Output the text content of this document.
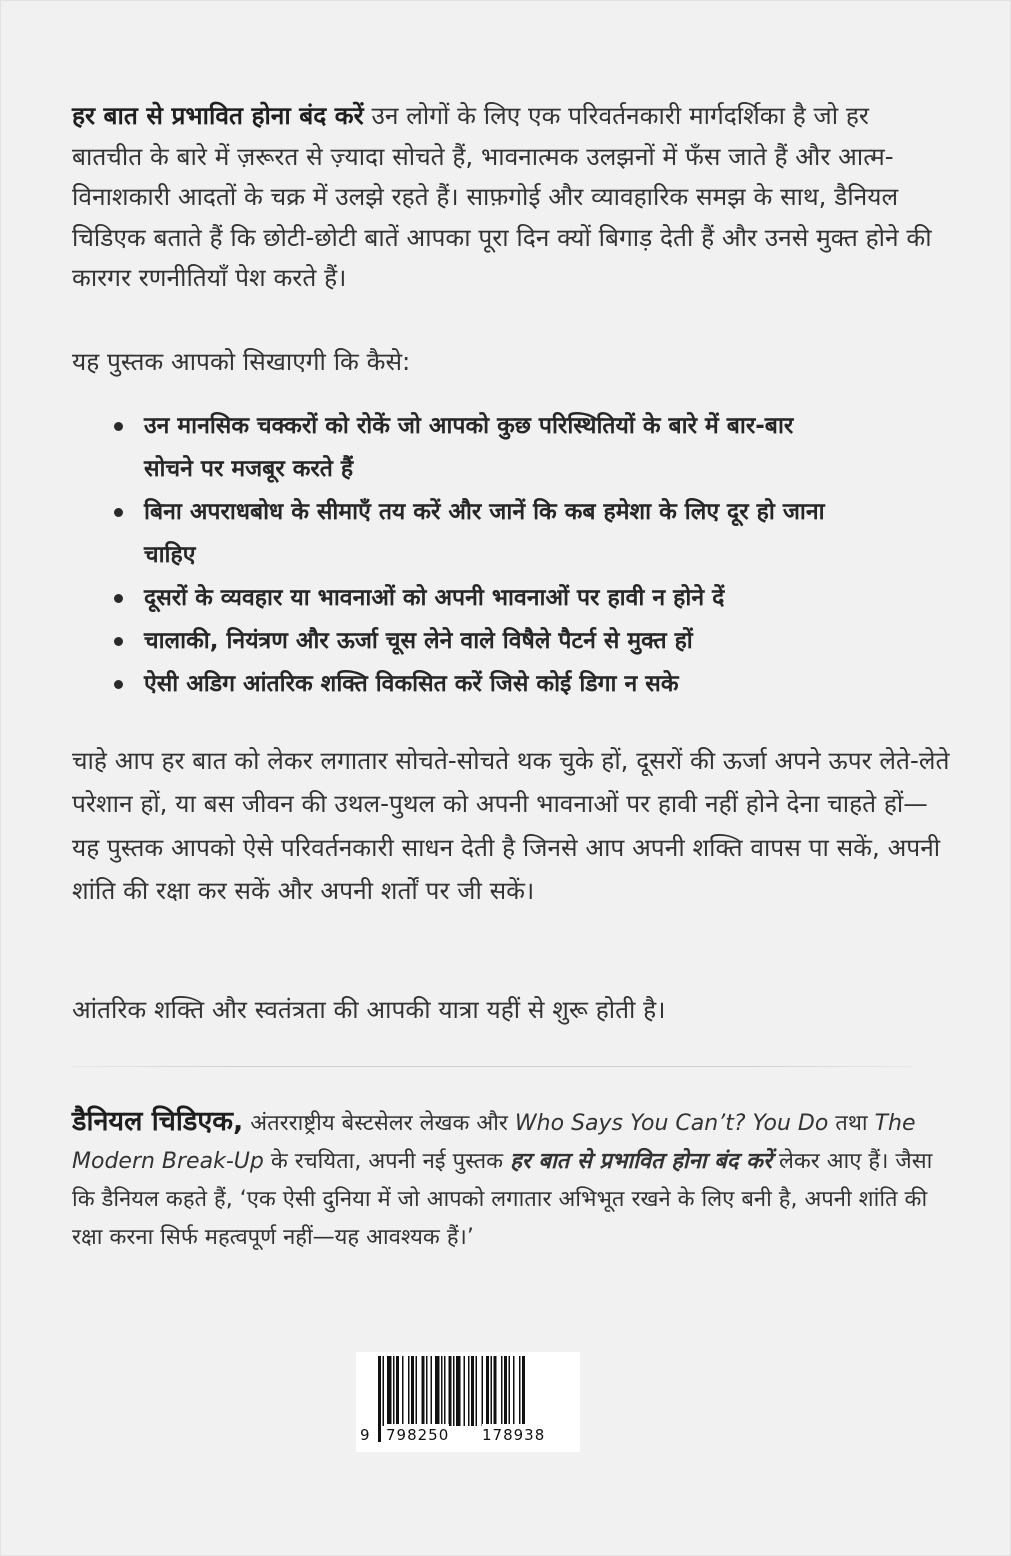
हर बात से प्रभावित होना बंद करें उन लोगों के लिए एक परिवर्तनकारी मार्गदर्शिका है जो हर बातचीत के बारे में ज़रूरत से ज़्यादा सोचते हैं, भावनात्मक उलझनों में फँस जाते हैं और आत्म-विनाशकारी आदतों के चक्र में उलझे रहते हैं। साफ़गोई और व्यावहारिक समझ के साथ, डैनियल चिडिएक बताते हैं कि छोटी-छोटी बातें आपका पूरा दिन क्यों बिगाड़ देती हैं और उनसे मुक्त होने की कारगर रणनीतियाँ पेश करते हैं।

यह पुस्तक आपको सिखाएगी कि कैसे:

उन मानसिक चक्करों को रोकें जो आपको कुछ परिस्थितियों के बारे में बार-बार सोचने पर मजबूर करते हैं
बिना अपराधबोध के सीमाएँ तय करें और जानें कि कब हमेशा के लिए दूर हो जाना चाहिए
दूसरों के व्यवहार या भावनाओं को अपनी भावनाओं पर हावी न होने दें
चालाकी, नियंत्रण और ऊर्जा चूस लेने वाले विषैले पैटर्न से मुक्त हों
ऐसी अडिग आंतरिक शक्ति विकसित करें जिसे कोई डिगा न सके

चाहे आप हर बात को लेकर लगातार सोचते-सोचते थक चुके हों, दूसरों की ऊर्जा अपने ऊपर लेते-लेते परेशान हों, या बस जीवन की उथल-पुथल को अपनी भावनाओं पर हावी नहीं होने देना चाहते हों—यह पुस्तक आपको ऐसे परिवर्तनकारी साधन देती है जिनसे आप अपनी शक्ति वापस पा सकें, अपनी शांति की रक्षा कर सकें और अपनी शर्तों पर जी सकें।

आंतरिक शक्ति और स्वतंत्रता की आपकी यात्रा यहीं से शुरू होती है।

डैनियल चिडिएक, अंतरराष्ट्रीय बेस्टसेलर लेखक और Who Says You Can’t? You Do तथा The Modern Break-Up के रचयिता, अपनी नई पुस्तक हर बात से प्रभावित होना बंद करें लेकर आए हैं। जैसा कि डैनियल कहते हैं, ‘एक ऐसी दुनिया में जो आपको लगातार अभिभूत रखने के लिए बनी है, अपनी शांति की रक्षा करना सिर्फ महत्वपूर्ण नहीं—यह आवश्यक हैं।’

9 798250 178938
